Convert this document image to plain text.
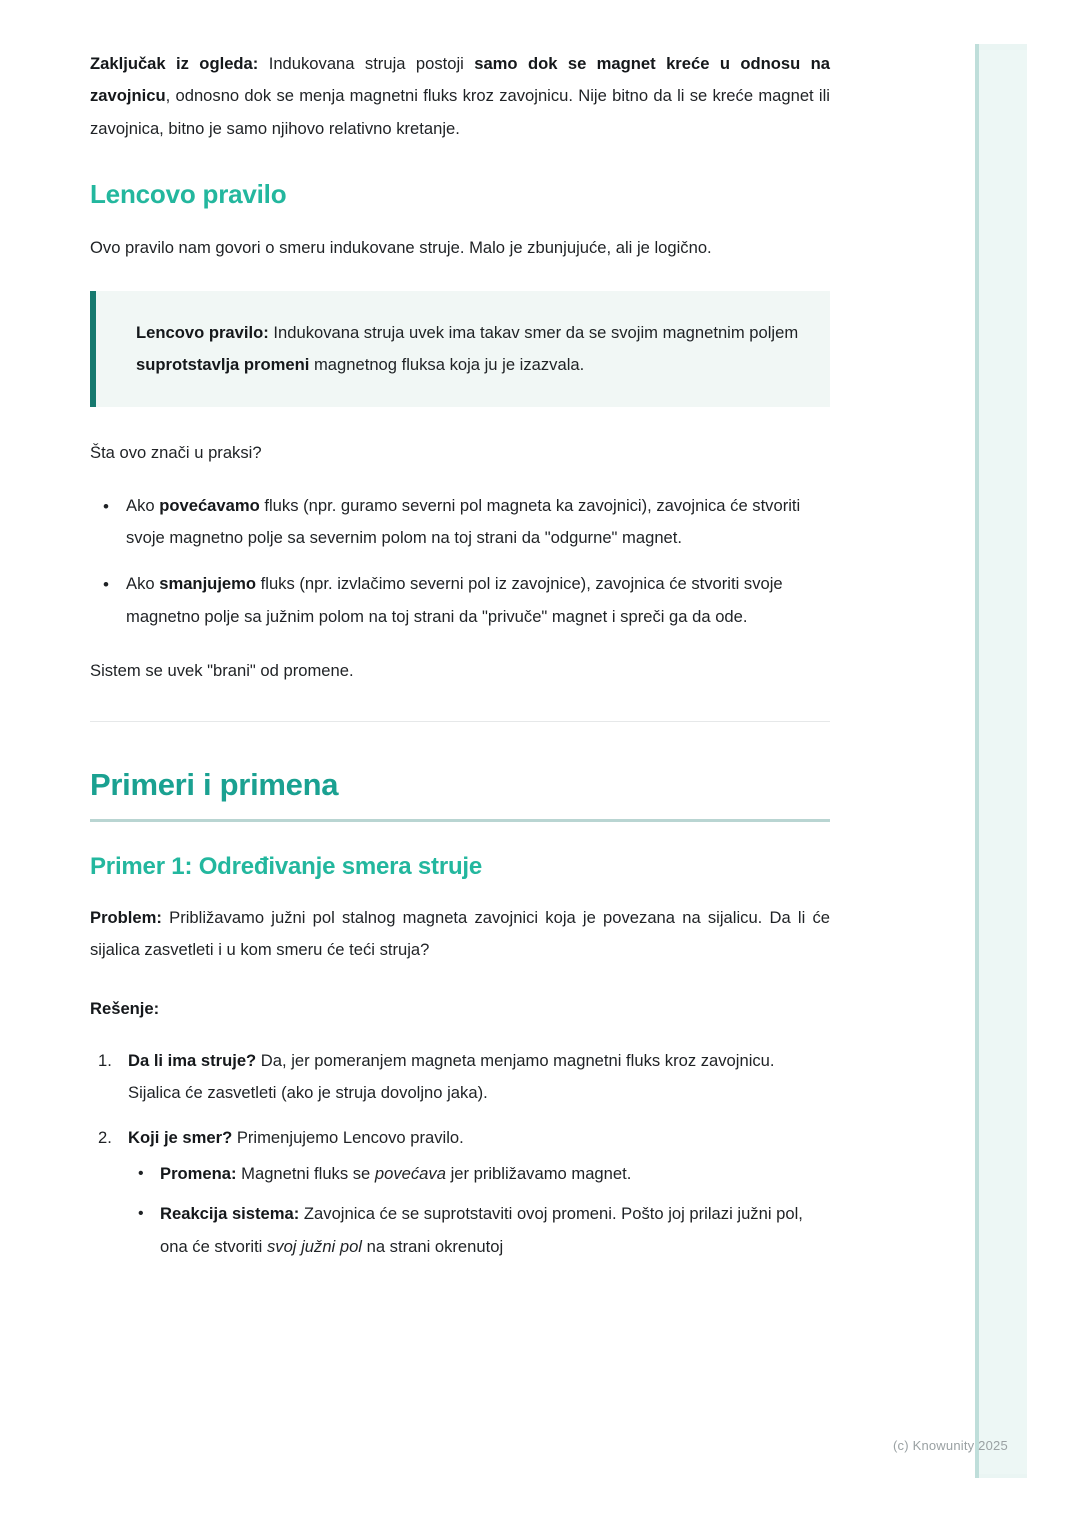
(c) Knowunity 2025

Zaključak iz ogleda: Indukovana struja postoji samo dok se magnet kreće u odnosu na zavojnicu, odnosno dok se menja magnetni fluks kroz zavojnicu. Nije bitno da li se kreće magnet ili zavojnica, bitno je samo njihovo relativno kretanje.

Lencovo pravilo

Ovo pravilo nam govori o smeru indukovane struje. Malo je zbunjujuće, ali je logično.

Lencovo pravilo: Indukovana struja uvek ima takav smer da se svojim magnetnim poljem suprotstavlja promeni magnetnog fluksa koja ju je izazvala.

Šta ovo znači u praksi?

• Ako povećavamo fluks (npr. guramo severni pol magneta ka zavojnici), zavojnica će stvoriti svoje magnetno polje sa severnim polom na toj strani da "odgurne" magnet.
• Ako smanjujemo fluks (npr. izvlačimo severni pol iz zavojnice), zavojnica će stvoriti svoje magnetno polje sa južnim polom na toj strani da "privuče" magnet i spreči ga da ode.

Sistem se uvek "brani" od promene.

Primeri i primena
Primer 1: Određivanje smera struje

Problem: Približavamo južni pol stalnog magneta zavojnici koja je povezana na sijalicu. Da li će sijalica zasvetleti i u kom smeru će teći struja?

Rešenje:

Da li ima struje? Da, jer pomeranjem magneta menjamo magnetni fluks kroz zavojnicu. Sijalica će zasvetleti (ako je struja dovoljno jaka).
Koji je smer? Primenjujemo Lencovo pravilo.
• Promena: Magnetni fluks se povećava jer približavamo magnet.
• Reakcija sistema: Zavojnica će se suprotstaviti ovoj promeni. Pošto joj prilazi južni pol, ona će stvoriti svoj južni pol na strani okrenutoj
